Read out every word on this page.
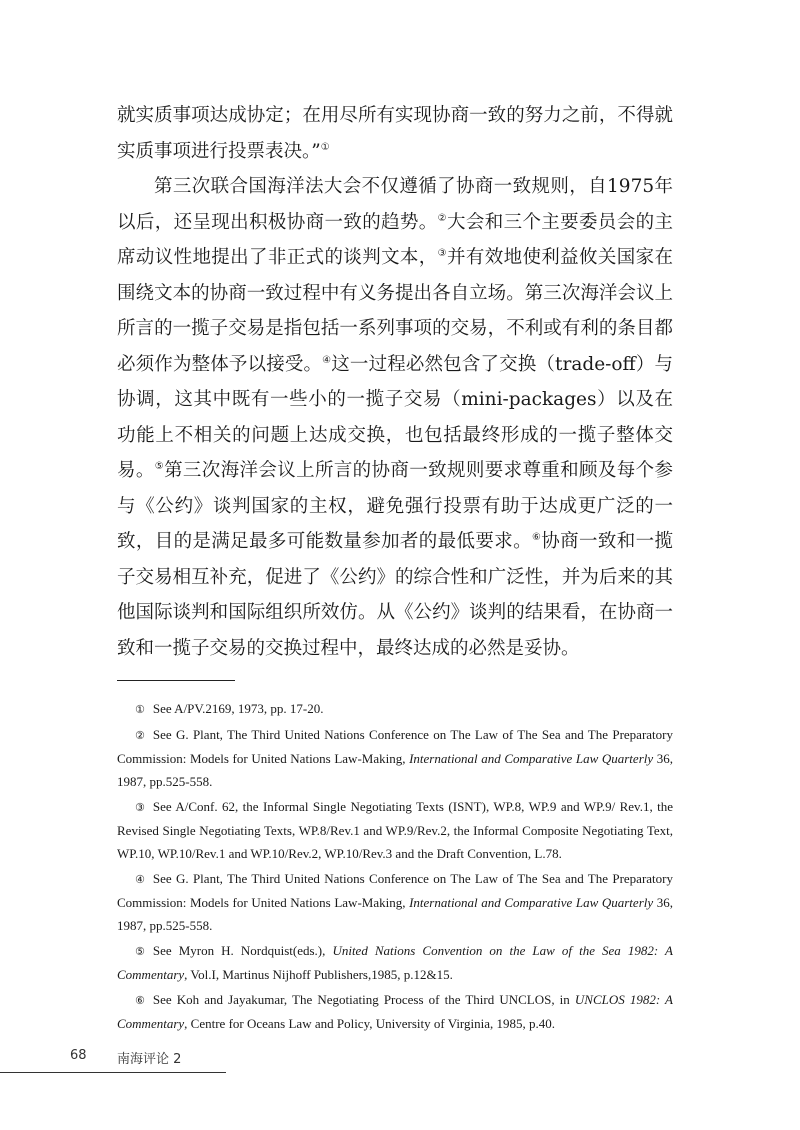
就实质事项达成协定；在用尽所有实现协商一致的努力之前，不得就实质事项进行投票表决。”①

第三次联合国海洋法大会不仅遵循了协商一致规则，自1975年以后，还呈现出积极协商一致的趋势。②大会和三个主要委员会的主席动议性地提出了非正式的谈判文本，③并有效地使利益攸关国家在围绕文本的协商一致过程中有义务提出各自立场。第三次海洋会议上所言的一揽子交易是指包括一系列事项的交易，不利或有利的条目都必须作为整体予以接受。④这一过程必然包含了交换（trade-off）与协调，这其中既有一些小的一揽子交易（mini-packages）以及在功能上不相关的问题上达成交换，也包括最终形成的一揽子整体交易。⑤第三次海洋会议上所言的协商一致规则要求尊重和顾及每个参与《公约》谈判国家的主权，避免强行投票有助于达成更广泛的一致，目的是满足最多可能数量参加者的最低要求。⑥协商一致和一揽子交易相互补充，促进了《公约》的综合性和广泛性，并为后来的其他国际谈判和国际组织所效仿。从《公约》谈判的结果看，在协商一致和一揽子交易的交换过程中，最终达成的必然是妥协。

① See A/PV.2169, 1973, pp. 17-20.

② See G. Plant, The Third United Nations Conference on The Law of The Sea and The Preparatory Commission: Models for United Nations Law-Making, International and Comparative Law Quarterly 36, 1987, pp.525-558.

③ See A/Conf. 62, the Informal Single Negotiating Texts (ISNT), WP.8, WP.9 and WP.9/ Rev.1, the Revised Single Negotiating Texts, WP.8/Rev.1 and WP.9/Rev.2, the Informal Composite Negotiating Text, WP.10, WP.10/Rev.1 and WP.10/Rev.2, WP.10/Rev.3 and the Draft Convention, L.78.

④ See G. Plant, The Third United Nations Conference on The Law of The Sea and The Preparatory Commission: Models for United Nations Law-Making, International and Comparative Law Quarterly 36, 1987, pp.525-558.

⑤ See Myron H. Nordquist(eds.), United Nations Convention on the Law of the Sea 1982: A Commentary, Vol.I, Martinus Nijhoff Publishers,1985, p.12&15.

⑥ See Koh and Jayakumar, The Negotiating Process of the Third UNCLOS, in UNCLOS 1982: A Commentary, Centre for Oceans Law and Policy, University of Virginia, 1985, p.40.

68 南海评论 2
